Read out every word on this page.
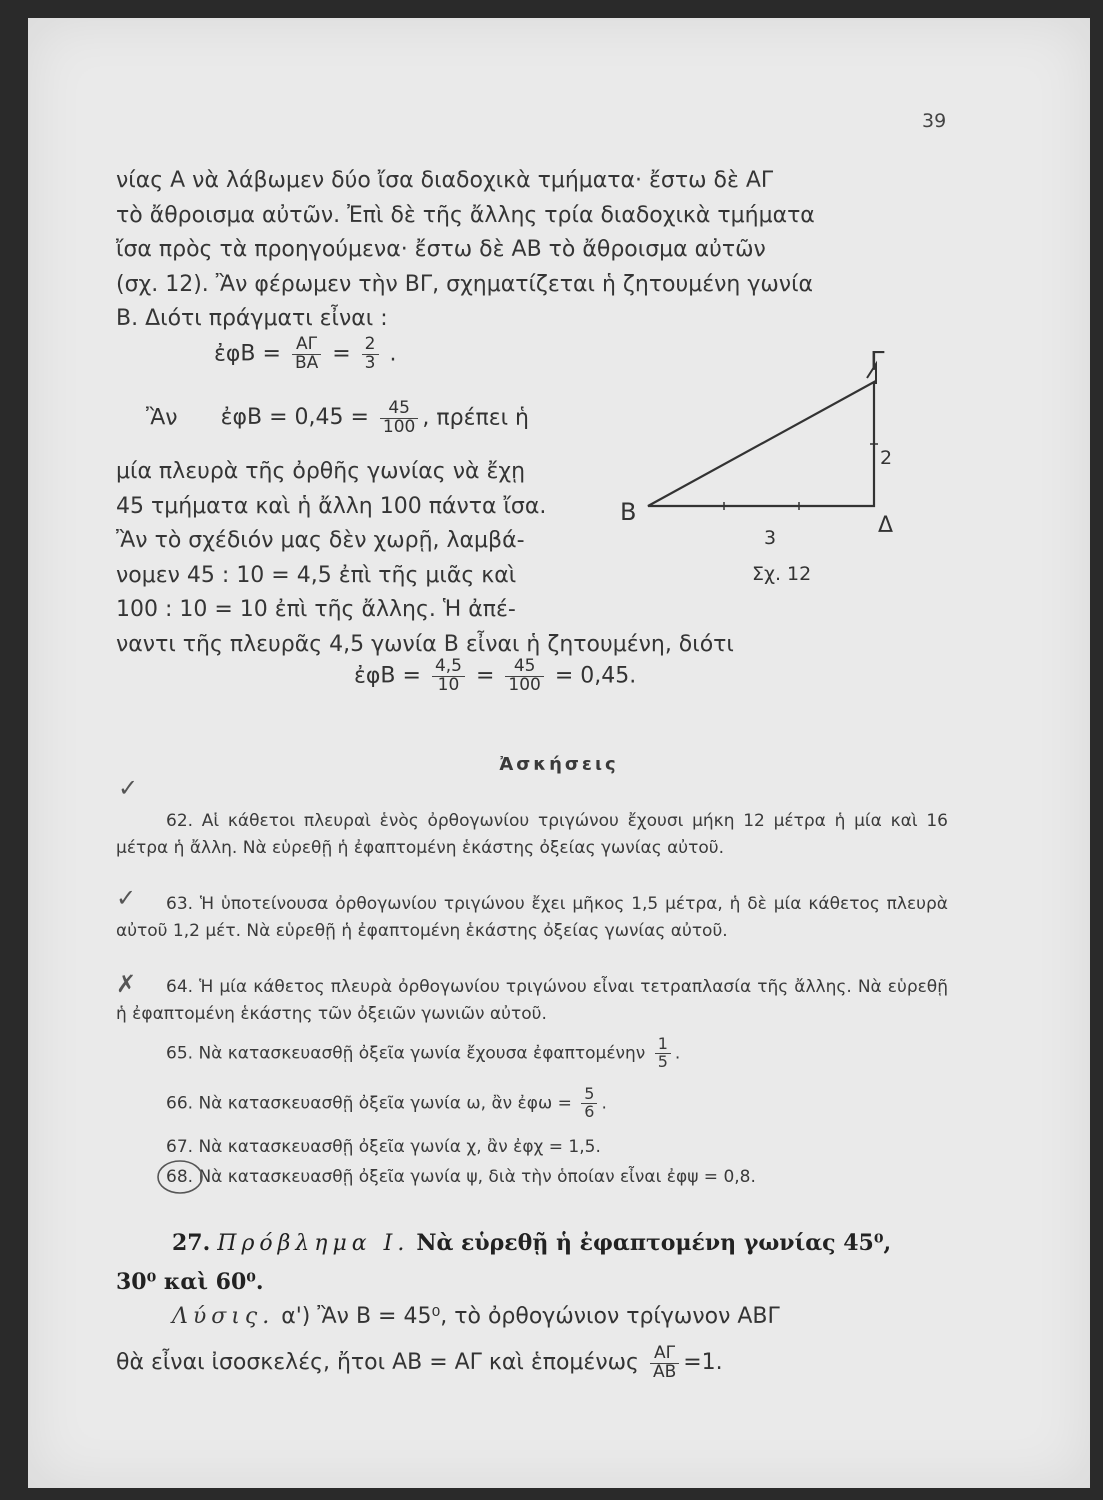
39
νίας Α νὰ λάβωμεν δύο ἴσα διαδοχικὰ τμήματα· ἔστω δὲ ΑΓ
τὸ ἄθροισμα αὐτῶν. Ἐπὶ δὲ τῆς ἄλλης τρία διαδοχικὰ τμήματα
ἴσα πρὸς τὰ προηγούμενα· ἔστω δὲ ΑΒ τὸ ἄθροισμα αὐτῶν
(σχ. 12). Ἂν φέρωμεν τὴν ΒΓ, σχηματίζεται ἡ ζητουμένη γωνία
Β. Διότι πράγματι εἶναι :
ἐφΒ = $\frac{A\Gamma}{BA} = \frac{2}{3}$ .
Ἂν ἐφΒ = $0,45 = \frac{45}{100}$ , πρέπει ἡ
μία πλευρὰ τῆς ὀρθῆς γωνίας νὰ ἔχῃ
45 τμήματα καὶ ἡ ἄλλη 100 πάντα ἴσα.
Ἂν τὸ σχέδιόν μας δὲν χωρῇ, λαμβά-
νομεν 45 : 10 = 4,5 ἐπὶ τῆς μιᾶς καὶ
100 : 10 = 10 ἐπὶ τῆς ἄλλης. Ἡ ἀπέ-
ναντι τῆς πλευρᾶς 4,5 γωνία Β εἶναι ἡ ζητουμένη, διότι
ἐφΒ = $\frac{4,5}{10} = \frac{45}{100} = 0,45$.
Γ
Β	Δ
2
3
Σχ. 12
Ἀσκήσεις
62. Αἱ κάθετοι πλευραὶ ἑνὸς ὀρθογωνίου τριγώνου ἔχουσι μήκη 12 μέτρα ἡ μία καὶ 16 μέτρα ἡ ἄλλη. Νὰ εὑρεθῇ ἡ ἐφαπτομένη ἑκάστης ὀξείας γωνίας αὐτοῦ.
63. Ἡ ὑποτείνουσα ὀρθογωνίου τριγώνου ἔχει μῆκος 1,5 μέτρα, ἡ δὲ μία κάθετος πλευρὰ αὐτοῦ 1,2 μέτ. Νὰ εὑρεθῇ ἡ ἐφαπτομένη ἑκάστης ὀξείας γωνίας αὐτοῦ.
64. Ἡ μία κάθετος πλευρὰ ὀρθογωνίου τριγώνου εἶναι τετραπλασία τῆς ἄλλης. Νὰ εὑρεθῇ ἡ ἐφαπτομένη ἑκάστης τῶν ὀξειῶν γωνιῶν αὐτοῦ.
65. Νὰ κατασκευασθῇ ὀξεῖα γωνία ἔχουσα ἐφαπτομένην $\frac{1}{5}$ .
66. Νὰ κατασκευασθῇ ὀξεῖα γωνία ω, ἂν ἐφω = $\frac{5}{6}$ .
67. Νὰ κατασκευασθῇ ὀξεῖα γωνία χ, ἂν ἐφχ = 1,5.
68. Νὰ κατασκευασθῇ ὀξεῖα γωνία ψ, διὰ τὴν ὁποίαν εἶναι ἐφψ = 0,8.
✓
✓
✗
27. Πρόβλημα Ι. Νὰ εὑρεθῇ ἡ ἐφαπτομένη γωνίας 45⁰,
30⁰ καὶ 60⁰.
Λύσις. α') Ἂν Β = 45⁰, τὸ ὀρθογώνιον τρίγωνον ΑΒΓ
θὰ εἶναι ἰσοσκελές, ἤτοι ΑΒ = ΑΓ καὶ ἑπομένως $\frac{A\Gamma}{AB} =1$.
